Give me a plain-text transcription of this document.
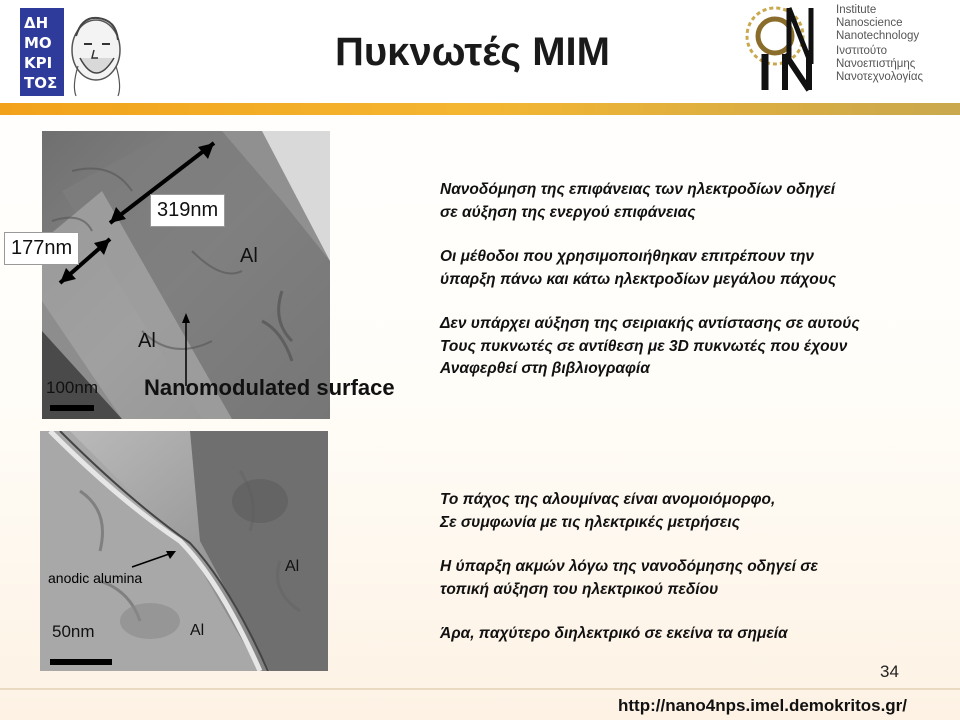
ΔΗ
ΜΟ
ΚΡΙ
ΤΟΣ
Πυκνωτές ΜΙΜ
Institute
Nanoscience
Nanotechnology
Ινστιτούτο
Νανοεπιστήμης
Νανοτεχνολογίας
319nm
177nm	Al
Al
100nm Nanomodulated surface
anodic alumina
Al
Al
50nm

Νανοδόμηση της επιφάνειας των ηλεκτροδίων οδηγεί
σε αύξηση της ενεργού επιφάνειας

Οι μέθοδοι που χρησιμοποιήθηκαν επιτρέπουν την
ύπαρξη πάνω και κάτω ηλεκτροδίων μεγάλου πάχους

Δεν υπάρχει αύξηση της σειριακής αντίστασης σε αυτούς
Τους πυκνωτές σε αντίθεση με 3D πυκνωτές που έχουν
Αναφερθεί στη βιβλιογραφία

Το πάχος της αλουμίνας είναι ανομοιόμορφο,
Σε συμφωνία με τις ηλεκτρικές μετρήσεις

Η ύπαρξη ακμών λόγω της νανοδόμησης οδηγεί σε
τοπική αύξηση του ηλεκτρικού πεδίου

Άρα, παχύτερο διηλεκτρικό σε εκείνα τα σημεία

34
http://nano4nps.imel.demokritos.gr/
